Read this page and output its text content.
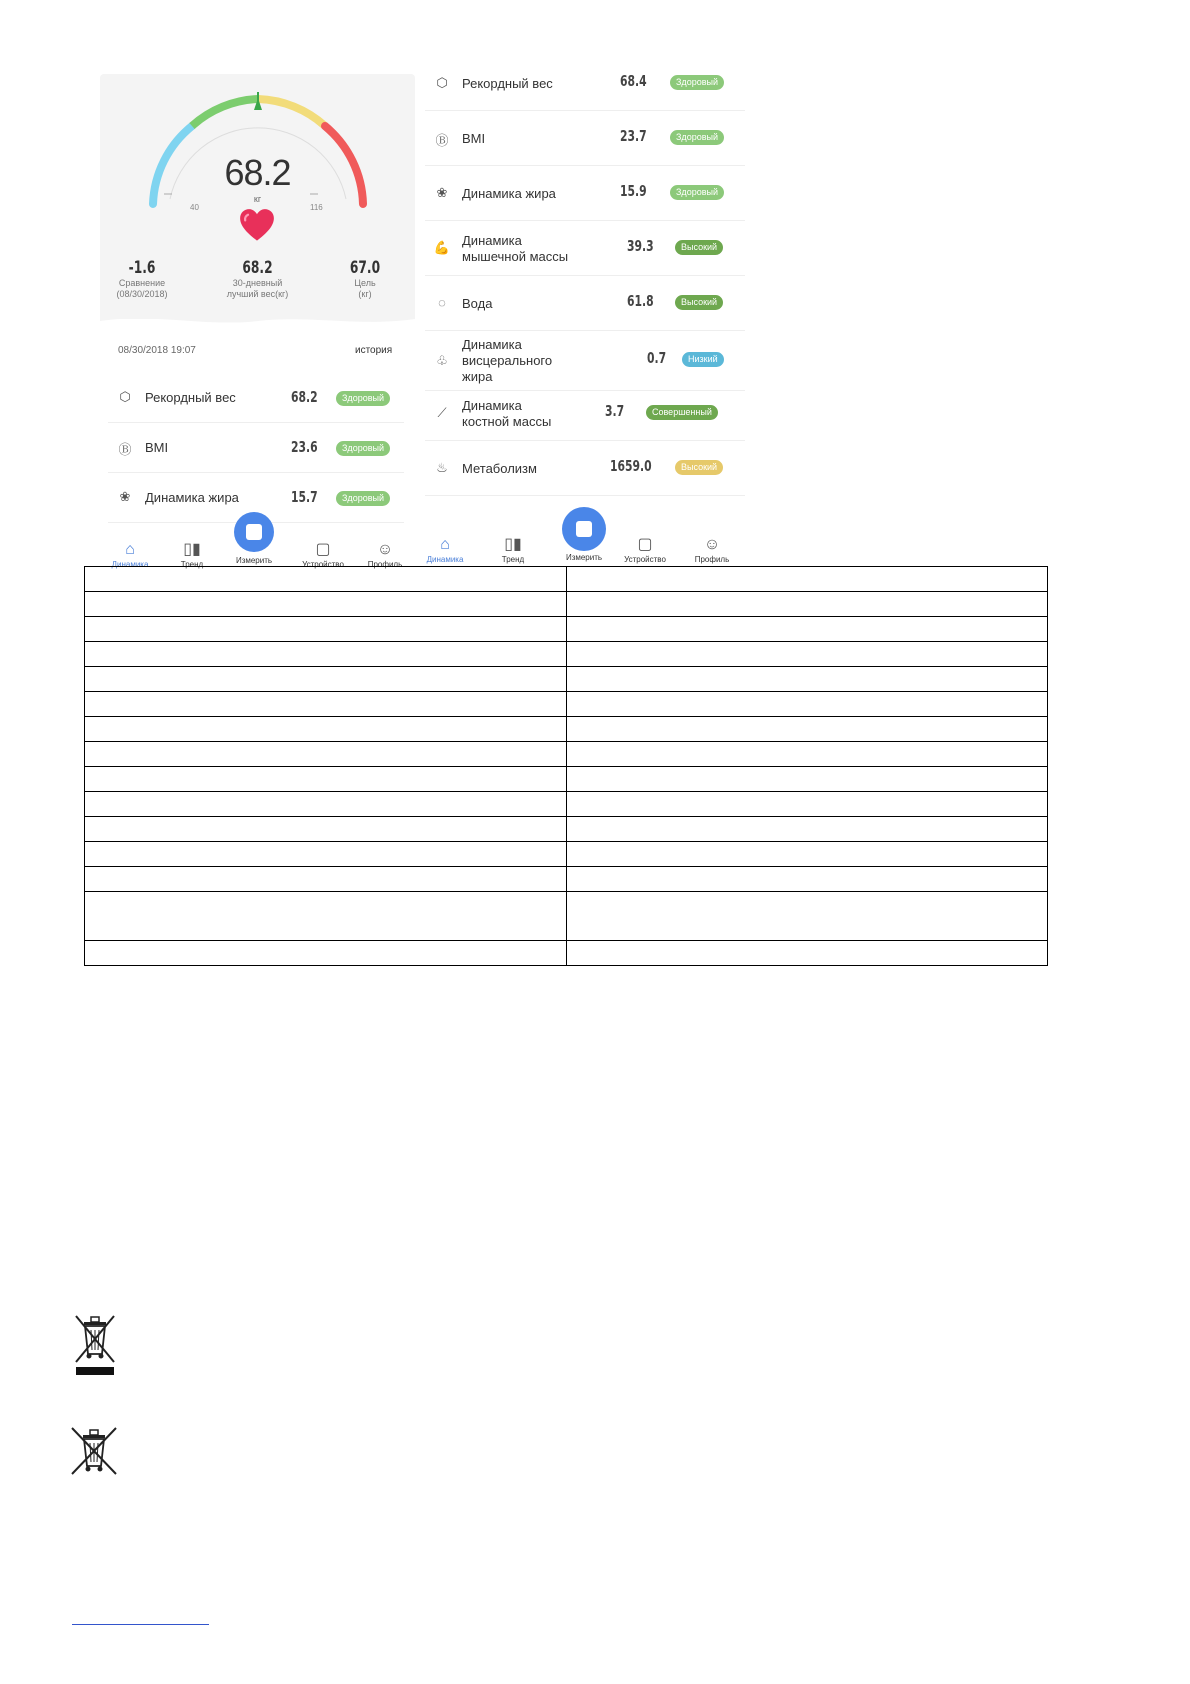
68.2
кг
40	116
-1.6
Сравнение
(08/30/2018)
68.2
30-дневный
лучший вес(кг)
67.0
Цель
(кг)
08/30/2018 19:07	история
⬡ Рекордный вес	68.2	Здоровый
Ⓑ BMI	23.6	Здоровый
❀ Динамика жира	15.7	Здоровый
⌂
Динамика
▯▮
Тренд	Измерить
▢
Устройство
☺
Профиль
⬡ Рекордный вес	68.4	Здоровый
Ⓑ BMI	23.7	Здоровый
❀ Динамика жира	15.9	Здоровый
💪 Динамика
мышечной массы
39.3	Высокий
◌	Вода	61.8	Высокий
♧
Динамика
висцерального
жира
0.7	Низкий
⟋	Динамика
костной массы
3.7	Совершенный
♨ Метаболизм	1659.0	Высокий
⌂
Динамика
▯▮
Тренд	Измерить
▢
Устройство
☺
Профиль
